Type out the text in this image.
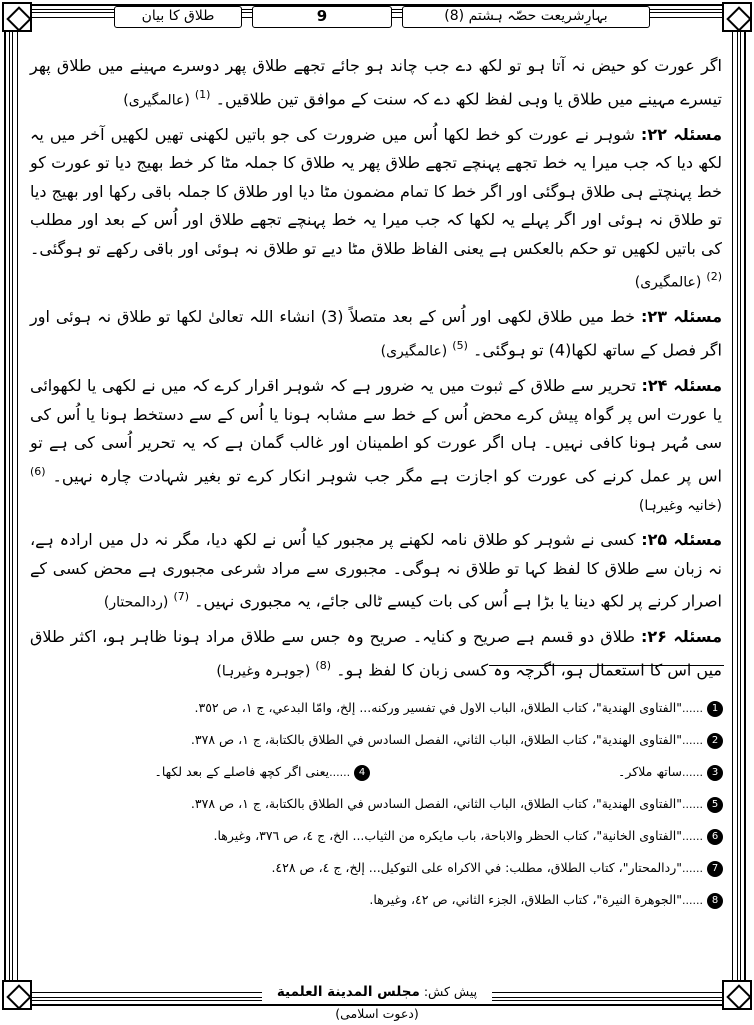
بہارِشریعت حصّہ ہشتم (8)
9
طلاق کا بیان

اگر عورت کو حیض نہ آتا ہو تو لکھ دے جب چاند ہو جائے تجھے طلاق پھر دوسرے مہینے میں طلاق پھر تیسرے مہینے میں طلاق یا وہی لفظ لکھ دے کہ سنت کے موافق تین طلاقیں۔ $^{(1)}$ (عالمگیری)

مسئلہ ۲۲: شوہر نے عورت کو خط لکھا اُس میں ضرورت کی جو باتیں لکھنی تھیں لکھیں آخر میں یہ لکھ دیا کہ جب میرا یہ خط تجھے پہنچے تجھے طلاق پھر یہ طلاق کا جملہ مٹا کر خط بھیج دیا تو عورت کو خط پہنچتے ہی طلاق ہوگئی اور اگر خط کا تمام مضمون مٹا دیا اور طلاق کا جملہ باقی رکھا اور بھیج دیا تو طلاق نہ ہوئی اور اگر پہلے یہ لکھا کہ جب میرا یہ خط پہنچے تجھے طلاق اور اُس کے بعد اور مطلب کی باتیں لکھیں تو حکم بالعکس ہے یعنی الفاظ طلاق مٹا دیے تو طلاق نہ ہوئی اور باقی رکھے تو ہوگئی۔ $^{(2)}$ (عالمگیری)

مسئلہ ۲۳: خط میں طلاق لکھی اور اُس کے بعد متصلاً (3) انشاء اللہ تعالیٰ لکھا تو طلاق نہ ہوئی اور اگر فصل کے ساتھ لکھا(4) تو ہوگئی۔ $^{(5)}$ (عالمگیری)

مسئلہ ۲۴: تحریر سے طلاق کے ثبوت میں یہ ضرور ہے کہ شوہر اقرار کرے کہ میں نے لکھی یا لکھوائی یا عورت اس پر گواہ پیش کرے محض اُس کے خط سے مشابہ ہونا یا اُس کے سے دستخط ہونا یا اُس کی سی مُہر ہونا کافی نہیں۔ ہاں اگر عورت کو اطمینان اور غالب گمان ہے کہ یہ تحریر اُسی کی ہے تو اس پر عمل کرنے کی عورت کو اجازت ہے مگر جب شوہر انکار کرے تو بغیر شہادت چارہ نہیں۔ $^{(6)}$ (خانیہ وغیرہا)

مسئلہ ۲۵: کسی نے شوہر کو طلاق نامہ لکھنے پر مجبور کیا اُس نے لکھ دیا، مگر نہ دل میں ارادہ ہے، نہ زبان سے طلاق کا لفظ کہا تو طلاق نہ ہوگی۔ مجبوری سے مراد شرعی مجبوری ہے محض کسی کے اصرار کرنے پر لکھ دینا یا بڑا ہے اُس کی بات کیسے ٹالی جائے، یہ مجبوری نہیں۔ $^{(7)}$ (ردالمحتار)

مسئلہ ۲۶: طلاق دو قسم ہے صریح و کنایہ۔ صریح وہ جس سے طلاق مراد ہونا ظاہر ہو، اکثر طلاق میں اس کا استعمال ہو، اگرچہ وہ کسی زبان کا لفظ ہو۔ $^{(8)}$ (جوہرہ وغیرہا)

1......"الفتاوى الهندية"، كتاب الطلاق، الباب الاول في تفسير وركنه... إلخ، وامّا البدعي، ج ١، ص ٣٥٢.
2......"الفتاوى الهندية"، كتاب الطلاق، الباب الثاني، الفصل السادس في الطلاق بالكتابة، ج ١، ص ٣٧٨.
3......ساتھ ملاکر۔  4......یعنی اگر کچھ فاصلے کے بعد لکھا۔
5......"الفتاوى الهندية"، كتاب الطلاق، الباب الثاني، الفصل السادس في الطلاق بالكتابة، ج ١، ص ٣٧٨.
6......"الفتاوى الخانية"، كتاب الحظر والاباحة، باب مايكره من الثياب... الخ، ج ٤، ص ٣٧٦، وغيرها.
7......"ردالمحتار"، كتاب الطلاق، مطلب: في الاكراه على التوكيل... إلخ، ج ٤، ص ٤٢٨.
8......"الجوهرة النيرة"، كتاب الطلاق، الجزء الثاني، ص ٤٢، وغيرها.
پیش کش: مجلس المدينة العلمية (دعوت اسلامی)
